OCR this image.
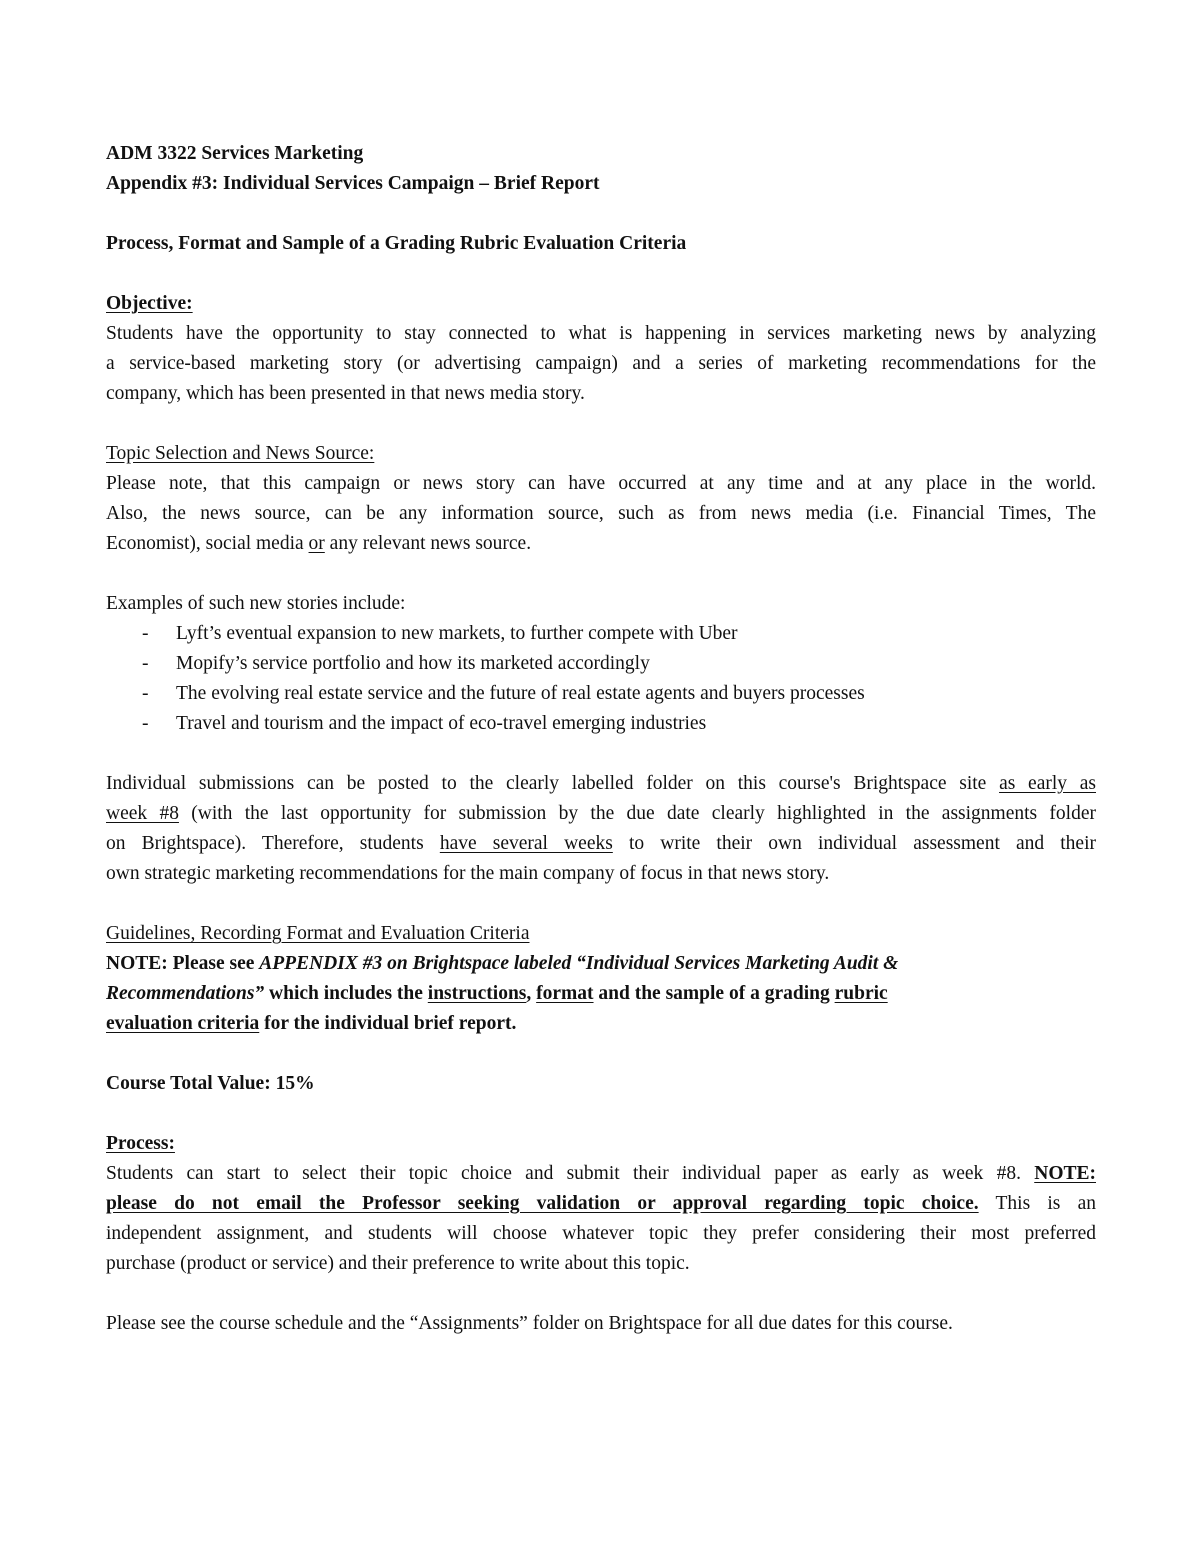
ADM 3322 Services Marketing
Appendix #3: Individual Services Campaign – Brief Report
Process, Format and Sample of a Grading Rubric Evaluation Criteria
Objective:
Students have the opportunity to stay connected to what is happening in services marketing news by analyzing
a service-based marketing story (or advertising campaign) and a series of marketing recommendations for the
company, which has been presented in that news media story.
Topic Selection and News Source:
Please note, that this campaign or news story can have occurred at any time and at any place in the world.
Also, the news source, can be any information source, such as from news media (i.e. Financial Times, The
Economist), social media or any relevant news source.
Examples of such new stories include:
- Lyft’s eventual expansion to new markets, to further compete with Uber
- Mopify’s service portfolio and how its marketed accordingly
- The evolving real estate service and the future of real estate agents and buyers processes
- Travel and tourism and the impact of eco-travel emerging industries
Individual submissions can be posted to the clearly labelled folder on this course's Brightspace site as early as
week #8 (with the last opportunity for submission by the due date clearly highlighted in the assignments folder
on Brightspace). Therefore, students have several weeks to write their own individual assessment and their
own strategic marketing recommendations for the main company of focus in that news story.
Guidelines, Recording Format and Evaluation Criteria
NOTE: Please see APPENDIX #3 on Brightspace labeled “Individual Services Marketing Audit &
Recommendations” which includes the instructions, format and the sample of a grading rubric
evaluation criteria for the individual brief report.
Course Total Value: 15%
Process:
Students can start to select their topic choice and submit their individual paper as early as week #8. NOTE:
please do not email the Professor seeking validation or approval regarding topic choice. This is an
independent assignment, and students will choose whatever topic they prefer considering their most preferred
purchase (product or service) and their preference to write about this topic.
Please see the course schedule and the “Assignments” folder on Brightspace for all due dates for this course.
